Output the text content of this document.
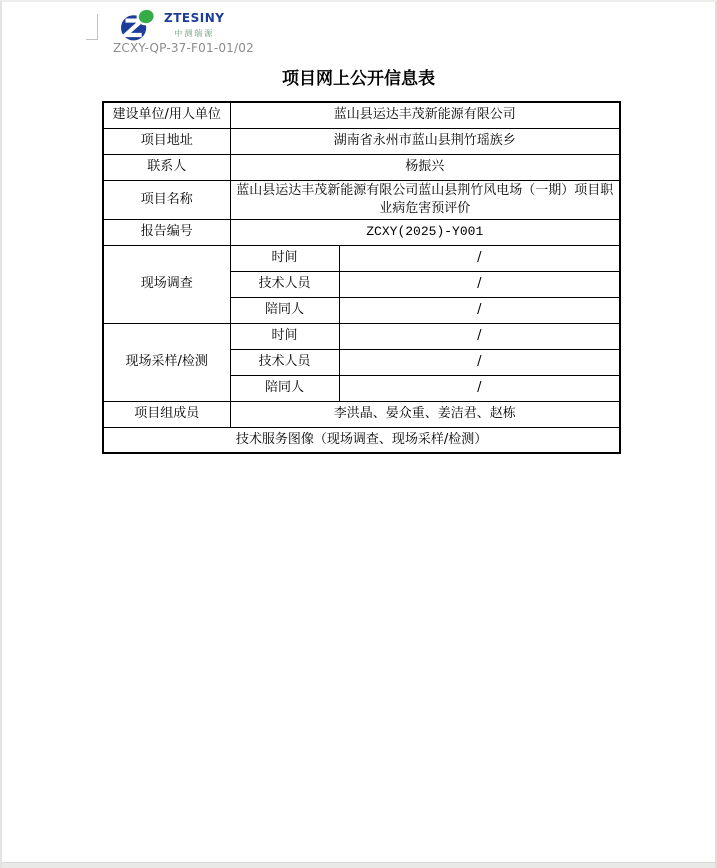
ZTESINY
中测瑞源
ZCXY-QP-37-F01-01/02
项目网上公开信息表
建设单位/用人单位	蓝山县运达丰茂新能源有限公司	
项目地址	湖南省永州市蓝山县荆竹瑶族乡	
联系人	杨振兴	
项目名称	蓝山县运达丰茂新能源有限公司蓝山县荆竹风电场（一期）项目职业病危害预评价	
报告编号	ZCXY(2025)-Y001	
现场调查	时间	/
	技术人员	/
	陪同人	/
现场采样/检测	时间	/
	技术人员	/
	陪同人	/
项目组成员	李洪晶、晏众重、姜洁君、赵栋	
技术服务图像（现场调查、现场采样/检测）		
